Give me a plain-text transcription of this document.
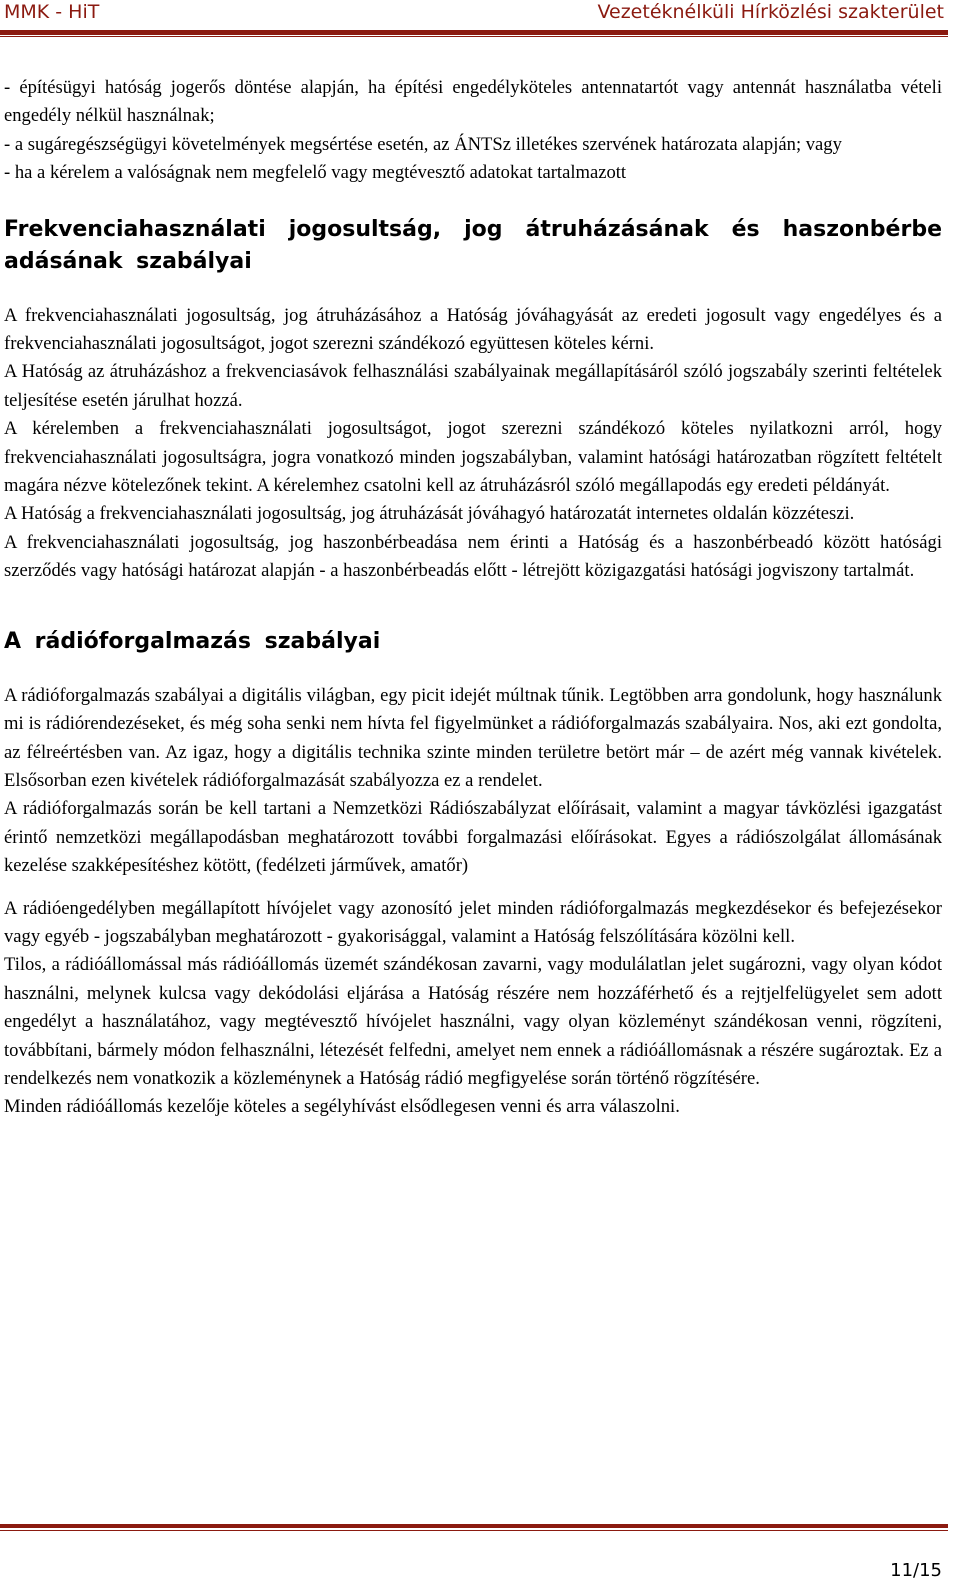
MMK - HiT	Vezetéknélküli Hírközlési szakterület

- építésügyi hatóság jogerős döntése alapján, ha építési engedélyköteles antennatartót vagy antennát használatba vételi engedély nélkül használnak;

- a sugáregészségügyi követelmények megsértése esetén, az ÁNTSz illetékes szervének határozata alapján; vagy

- ha a kérelem a valóságnak nem megfelelő vagy megtévesztő adatokat tartalmazott

Frekvenciahasználati jogosultság, jog átruházásának és haszonbérbe adásának szabályai

A frekvenciahasználati jogosultság, jog átruházásához a Hatóság jóváhagyását az eredeti jogosult vagy engedélyes és a frekvenciahasználati jogosultságot, jogot szerezni szándékozó együttesen köteles kérni.

A Hatóság az átruházáshoz a frekvenciasávok felhasználási szabályainak megállapításáról szóló jogszabály szerinti feltételek teljesítése esetén járulhat hozzá.

A kérelemben a frekvenciahasználati jogosultságot, jogot szerezni szándékozó köteles nyilatkozni arról, hogy frekvenciahasználati jogosultságra, jogra vonatkozó minden jogszabályban, valamint hatósági határozatban rögzített feltételt magára nézve kötelezőnek tekint. A kérelemhez csatolni kell az átruházásról szóló megállapodás egy eredeti példányát.

A Hatóság a frekvenciahasználati jogosultság, jog átruházását jóváhagyó határozatát internetes oldalán közzéteszi.

A frekvenciahasználati jogosultság, jog haszonbérbeadása nem érinti a Hatóság és a haszonbérbeadó között hatósági szerződés vagy hatósági határozat alapján - a haszonbérbeadás előtt - létrejött közigazgatási hatósági jogviszony tartalmát.

A rádióforgalmazás szabályai

A rádióforgalmazás szabályai a digitális világban, egy picit idejét múltnak tűnik. Legtöbben arra gondolunk, hogy használunk mi is rádiórendezéseket, és még soha senki nem hívta fel figyelmünket a rádióforgalmazás szabályaira. Nos, aki ezt gondolta, az félreértésben van. Az igaz, hogy a digitális technika szinte minden területre betört már – de azért még vannak kivételek. Elsősorban ezen kivételek rádióforgalmazását szabályozza ez a rendelet.

A rádióforgalmazás során be kell tartani a Nemzetközi Rádiószabályzat előírásait, valamint a magyar távközlési igazgatást érintő nemzetközi megállapodásban meghatározott további forgalmazási előírásokat. Egyes a rádiószolgálat állomásának kezelése szakképesítéshez kötött, (fedélzeti járművek, amatőr)

A rádióengedélyben megállapított hívójelet vagy azonosító jelet minden rádióforgalmazás megkezdésekor és befejezésekor vagy egyéb - jogszabályban meghatározott - gyakorisággal, valamint a Hatóság felszólítására közölni kell.

Tilos, a rádióállomással más rádióállomás üzemét szándékosan zavarni, vagy modulálatlan jelet sugározni, vagy olyan kódot használni, melynek kulcsa vagy dekódolási eljárása a Hatóság részére nem hozzáférhető és a rejtjelfelügyelet sem adott engedélyt a használatához, vagy megtévesztő hívójelet használni, vagy olyan közleményt szándékosan venni, rögzíteni, továbbítani, bármely módon felhasználni, létezését felfedni, amelyet nem ennek a rádióállomásnak a részére sugároztak. Ez a rendelkezés nem vonatkozik a közleménynek a Hatóság rádió megfigyelése során történő rögzítésére.

Minden rádióállomás kezelője köteles a segélyhívást elsődlegesen venni és arra válaszolni.

11/15
